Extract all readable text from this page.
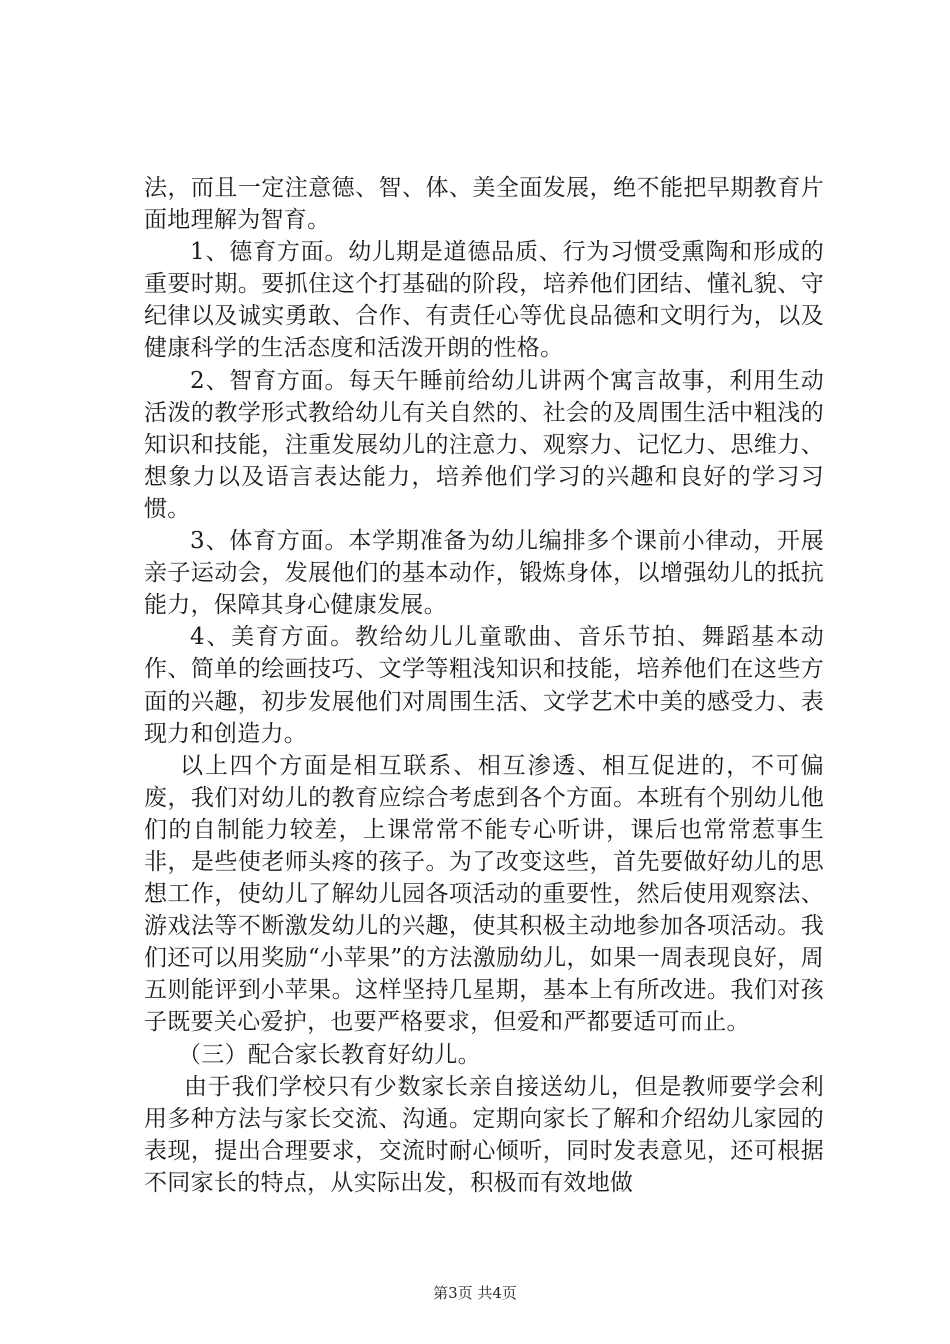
法，而且一定注意德、智、体、美全面发展，绝不能把早期教育片面地理解为智育。

1、德育方面。幼儿期是道德品质、行为习惯受熏陶和形成的重要时期。要抓住这个打基础的阶段，培养他们团结、懂礼貌、守纪律以及诚实勇敢、合作、有责任心等优良品德和文明行为，以及健康科学的生活态度和活泼开朗的性格。

2、智育方面。每天午睡前给幼儿讲两个寓言故事，利用生动活泼的教学形式教给幼儿有关自然的、社会的及周围生活中粗浅的知识和技能，注重发展幼儿的注意力、观察力、记忆力、思维力、想象力以及语言表达能力，培养他们学习的兴趣和良好的学习习惯。

3、体育方面。本学期准备为幼儿编排多个课前小律动，开展亲子运动会，发展他们的基本动作，锻炼身体，以增强幼儿的抵抗能力，保障其身心健康发展。

4、美育方面。教给幼儿儿童歌曲、音乐节拍、舞蹈基本动作、简单的绘画技巧、文学等粗浅知识和技能，培养他们在这些方面的兴趣，初步发展他们对周围生活、文学艺术中美的感受力、表现力和创造力。

以上四个方面是相互联系、相互渗透、相互促进的，不可偏废，我们对幼儿的教育应综合考虑到各个方面。本班有个别幼儿他们的自制能力较差，上课常常不能专心听讲，课后也常常惹事生非，是些使老师头疼的孩子。为了改变这些，首先要做好幼儿的思想工作，使幼儿了解幼儿园各项活动的重要性，然后使用观察法、游戏法等不断激发幼儿的兴趣，使其积极主动地参加各项活动。我们还可以用奖励“小苹果”的方法激励幼儿，如果一周表现良好，周五则能评到小苹果。这样坚持几星期，基本上有所改进。我们对孩子既要关心爱护，也要严格要求，但爱和严都要适可而止。

（三）配合家长教育好幼儿。

由于我们学校只有少数家长亲自接送幼儿，但是教师要学会利用多种方法与家长交流、沟通。定期向家长了解和介绍幼儿家园的表现，提出合理要求，交流时耐心倾听，同时发表意见，还可根据不同家长的特点，从实际出发，积极而有效地做

第3页 共4页
